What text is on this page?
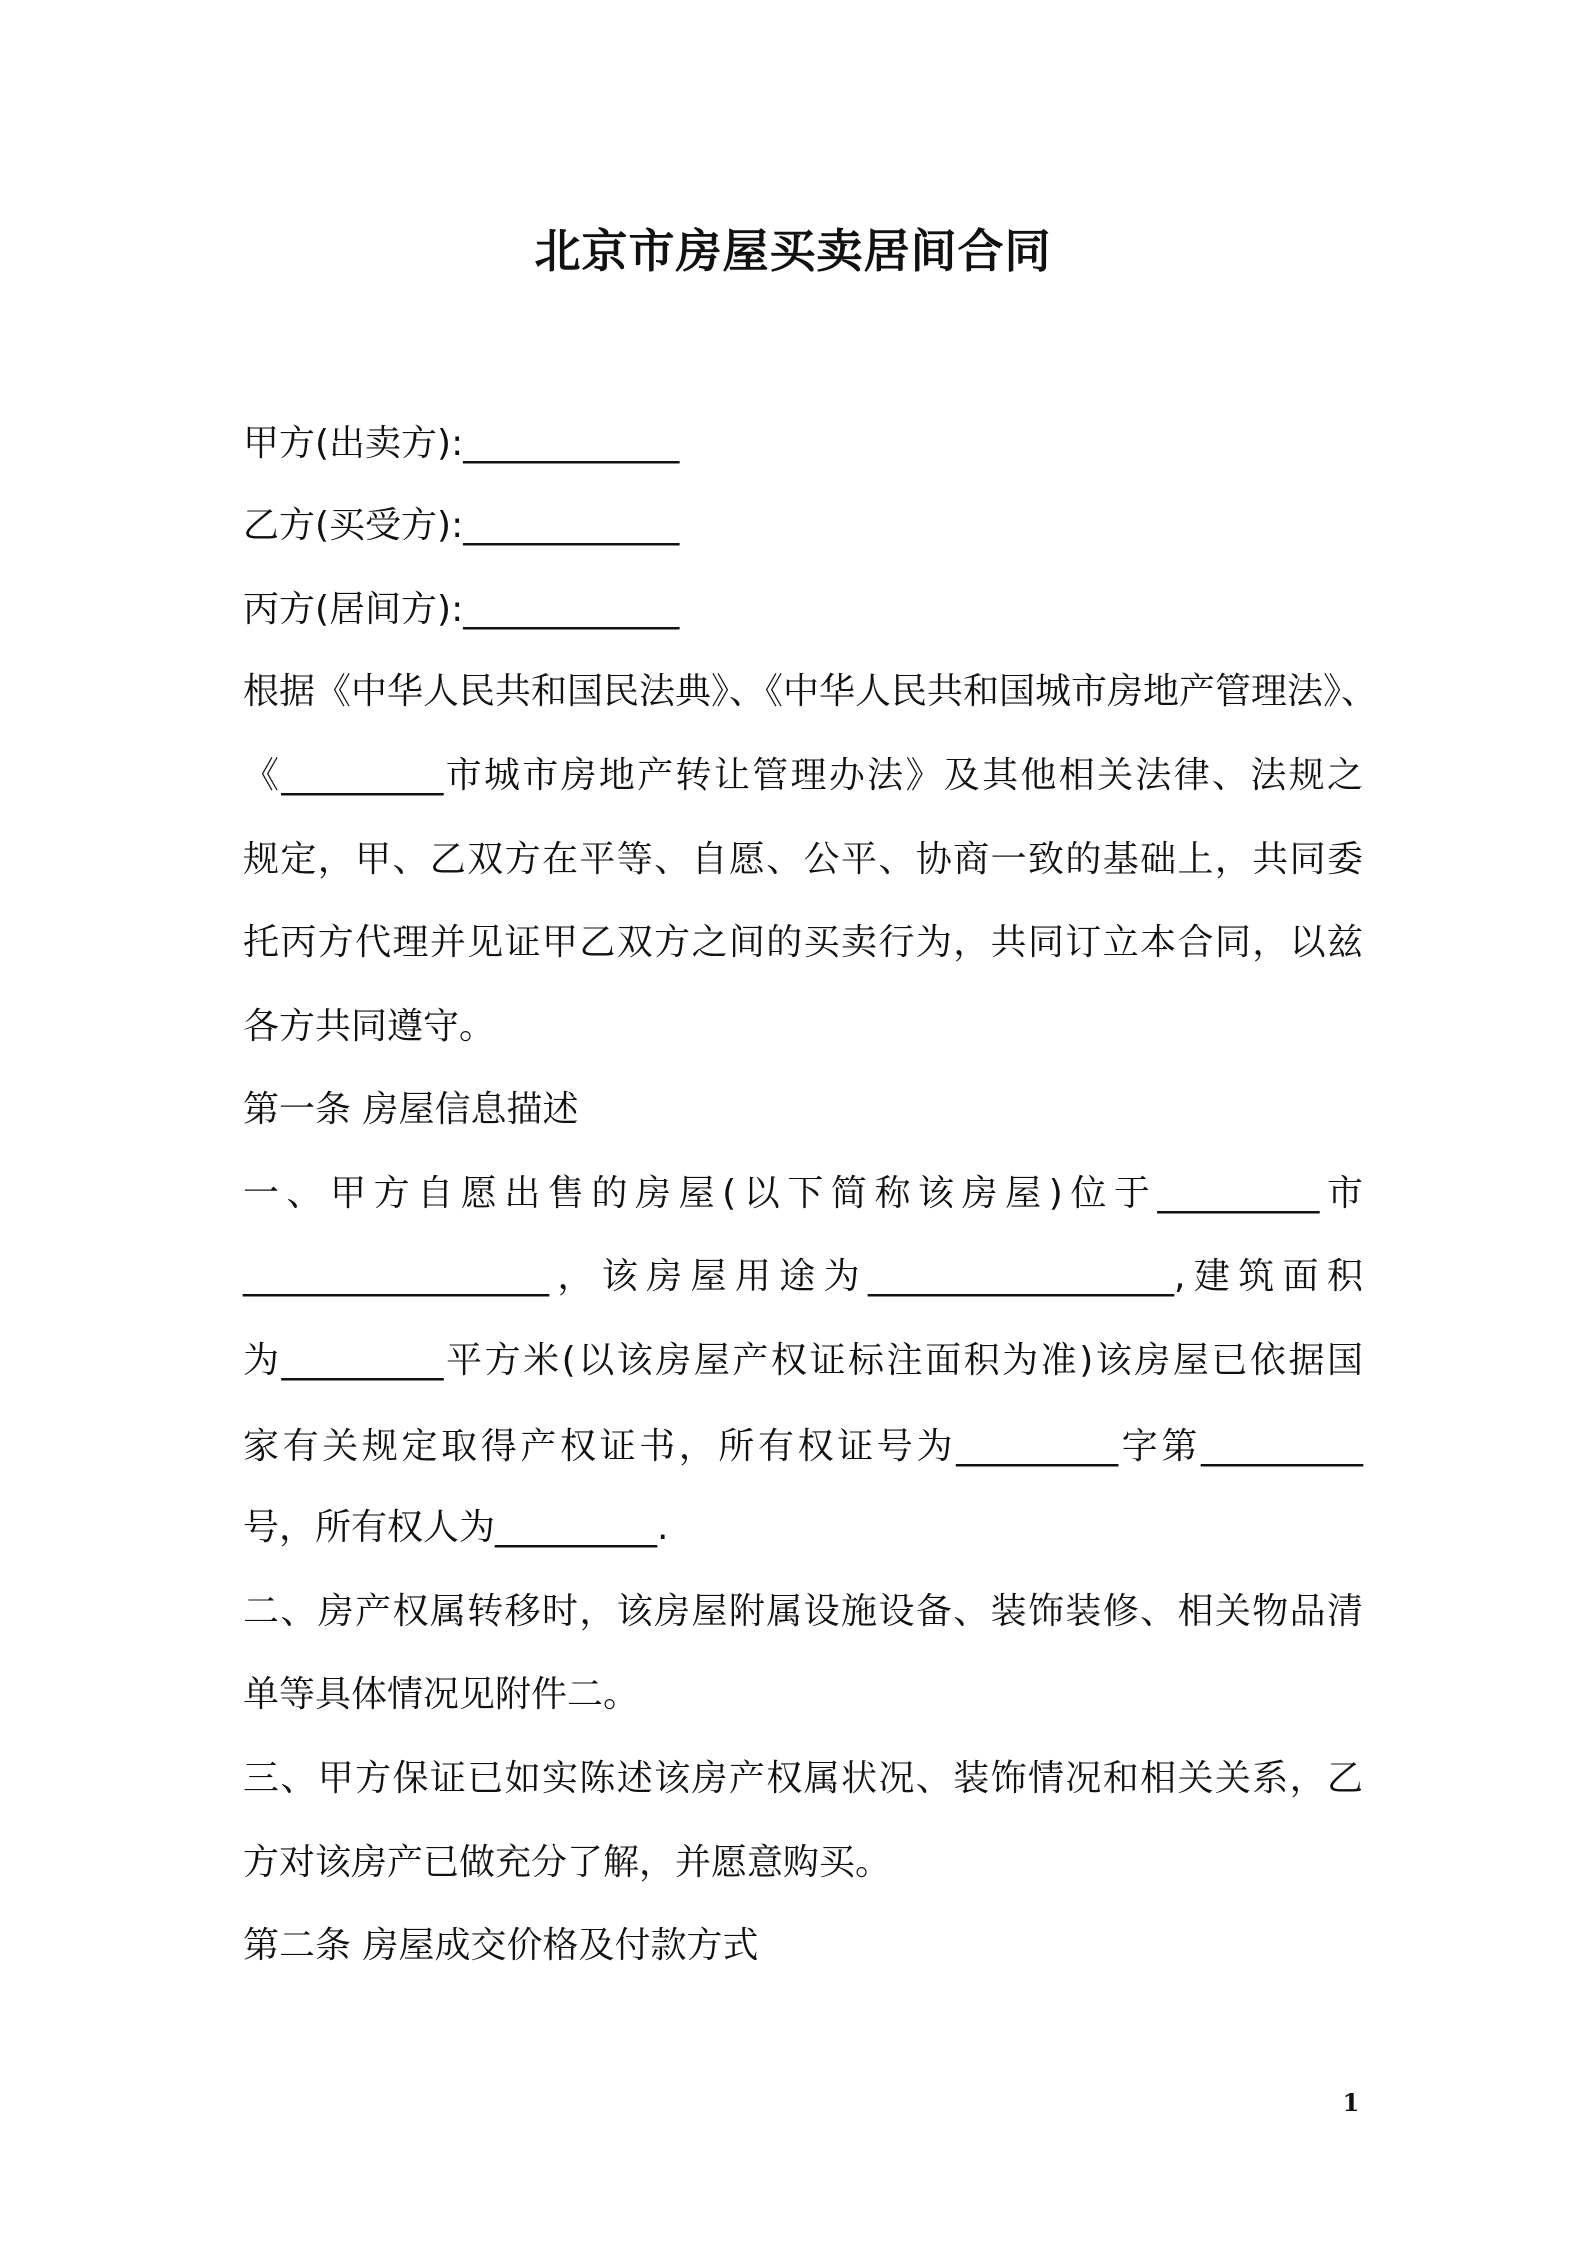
北京市房屋买卖居间合同
甲方(出卖方):____________
乙方(买受方):____________
丙方(居间方):____________
根据《中华人民共和国民法典》、《中华人民共和国城市房地产管理法》、
《_________市城市房地产转让管理办法》及其他相关法律、法规之
规定，甲、乙双方在平等、自愿、公平、协商一致的基础上，共同委
托丙方代理并见证甲乙双方之间的买卖行为，共同订立本合同，以兹
各方共同遵守。
第一条 房屋信息描述
一、甲方自愿出售的房屋(以下简称该房屋)位于_________市
_________________，该房屋用途为_________________,建筑面积
为_________平方米(以该房屋产权证标注面积为准)该房屋已依据国
家有关规定取得产权证书，所有权证号为_________字第_________
号，所有权人为_________.
二、房产权属转移时，该房屋附属设施设备、装饰装修、相关物品清
单等具体情况见附件二。
三、甲方保证已如实陈述该房产权属状况、装饰情况和相关关系，乙
方对该房产已做充分了解，并愿意购买。
第二条 房屋成交价格及付款方式
1
